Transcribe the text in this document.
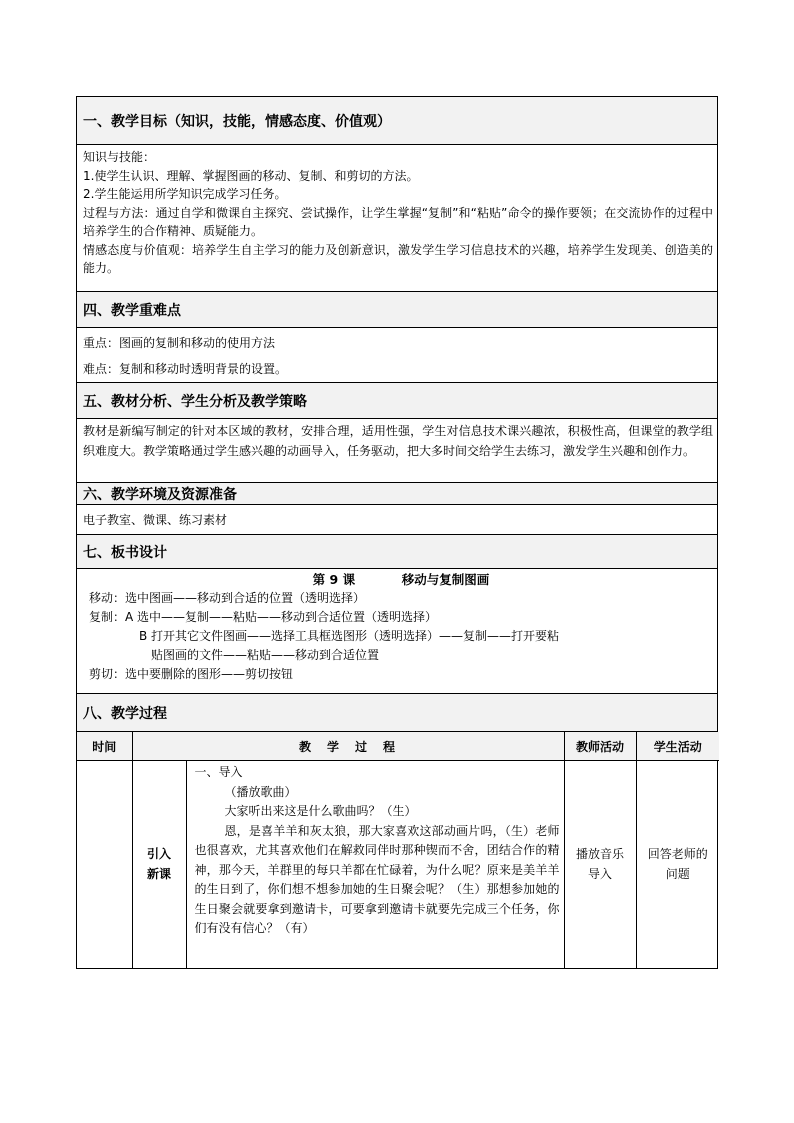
一、教学目标（知识，技能，情感态度、价值观）

知识与技能：

1.使学生认识、理解、掌握图画的移动、复制、和剪切的方法。

2.学生能运用所学知识完成学习任务。

过程与方法：通过自学和微课自主探究、尝试操作，让学生掌握“复制”和“粘贴”命令的操作要领；在交流协作的过程中培养学生的合作精神、质疑能力。

情感态度与价值观：培养学生自主学习的能力及创新意识，激发学生学习信息技术的兴趣，培养学生发现美、创造美的能力。

四、教学重难点

重点：图画的复制和移动的使用方法

难点：复制和移动时透明背景的设置。

五、教材分析、学生分析及教学策略

教材是新编写制定的针对本区域的教材，安排合理，适用性强，学生对信息技术课兴趣浓，积极性高，但课堂的教学组织难度大。教学策略通过学生感兴趣的动画导入，任务驱动，把大多时间交给学生去练习，激发学生兴趣和创作力。

六、教学环境及资源准备

电子教室、微课、练习素材

七、板书设计
第 9 课	移动与复制图画

移动：选中图画——移动到合适的位置（透明选择）

复制：A 选中——复制——粘贴——移动到合适位置（透明选择）

B 打开其它文件图画——选择工具框选图形（透明选择）——复制——打开要粘

贴图画的文件——粘贴——移动到合适位置

剪切：选中要删除的图形——剪切按钮

八、教学过程
时间	教　学　过　程		教师活动	学生活动

	引入新课	一、导入

（播放歌曲）

大家听出来这是什么歌曲吗？（生）

恩，是喜羊羊和灰太狼，那大家喜欢这部动画片吗，（生）老师也很喜欢，尤其喜欢他们在解救同伴时那种锲而不舍，团结合作的精神，那今天，羊群里的每只羊都在忙碌着，为什么呢？原来是美羊羊的生日到了，你们想不想参加她的生日聚会呢？（生）那想参加她的生日聚会就要拿到邀请卡，可要拿到邀请卡就要先完成三个任务，你们有没有信心？（有）	播放音乐导入	回答老师的问题
